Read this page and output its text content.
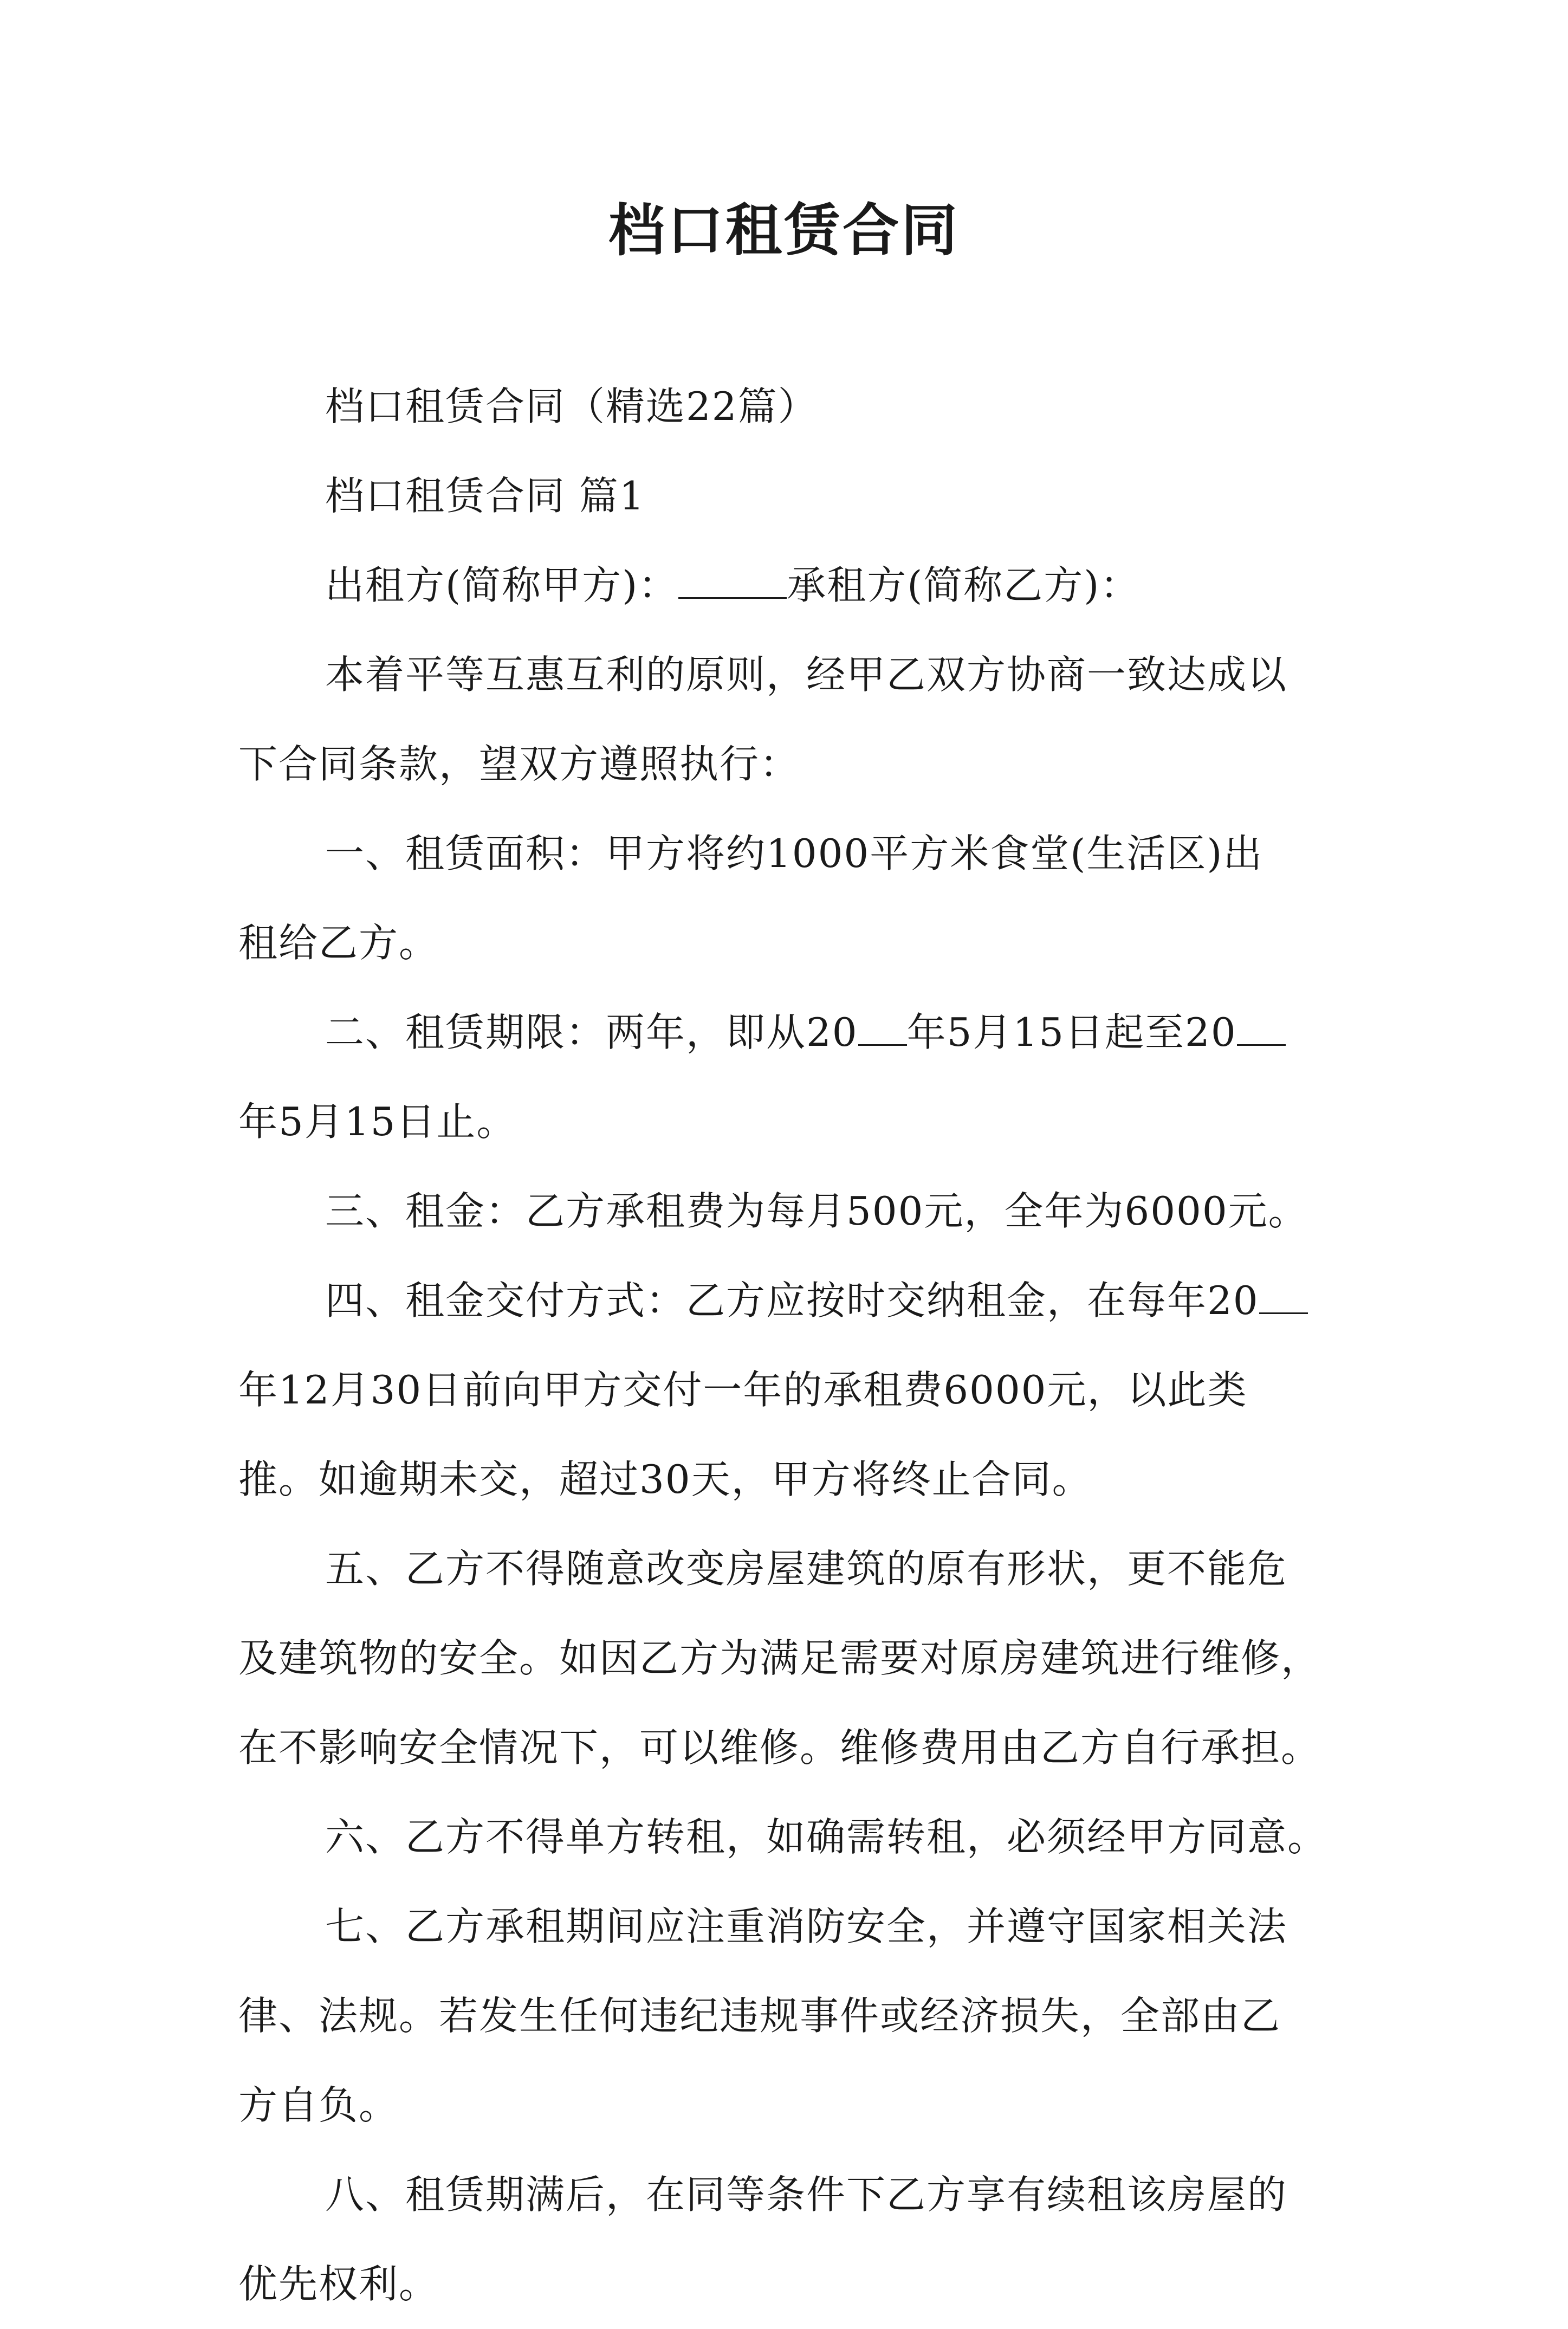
档口租赁合同

档口租赁合同（精选22篇）

档口租赁合同 篇1

出租方(简称甲方)：	承租方(简称乙方)：

本着平等互惠互利的原则，经甲乙双方协商一致达成以
下合同条款，望双方遵照执行：

一、租赁面积：甲方将约1000平方米食堂(生活区)出
租给乙方。

二、租赁期限：两年，即从20 年5月15日起至20
年5月15日止。

三、租金：乙方承租费为每月500元，全年为6000元。

四、租金交付方式：乙方应按时交纳租金，在每年20
年12月30日前向甲方交付一年的承租费6000元，以此类
推。如逾期未交，超过30天，甲方将终止合同。

五、乙方不得随意改变房屋建筑的原有形状，更不能危
及建筑物的安全。如因乙方为满足需要对原房建筑进行维修，
在不影响安全情况下，可以维修。维修费用由乙方自行承担。

六、乙方不得单方转租，如确需转租，必须经甲方同意。

七、乙方承租期间应注重消防安全，并遵守国家相关法
律、法规。若发生任何违纪违规事件或经济损失，全部由乙
方自负。

八、租赁期满后，在同等条件下乙方享有续租该房屋的
优先权利。
